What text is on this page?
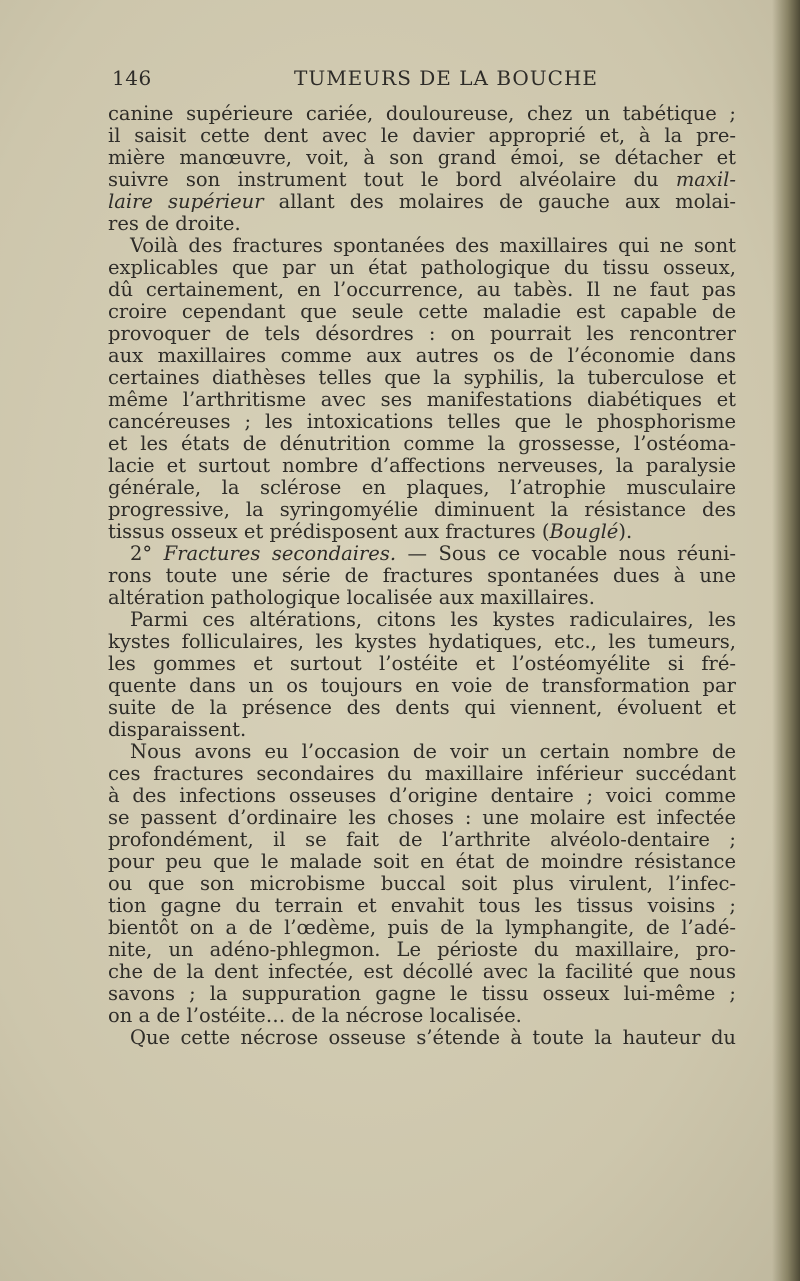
146	TUMEURS DE LA BOUCHE
canine supérieure cariée, douloureuse, chez un tabétique ;
il saisit cette dent avec le davier approprié et, à la pre-
mière manœuvre, voit, à son grand émoi, se détacher et
suivre son instrument tout le bord alvéolaire du maxil-
laire supérieur allant des molaires de gauche aux molai-
res de droite.
Voilà des fractures spontanées des maxillaires qui ne sont
explicables que par un état pathologique du tissu osseux,
dû certainement, en l’occurrence, au tabès. Il ne faut pas
croire cependant que seule cette maladie est capable de
provoquer de tels désordres : on pourrait les rencontrer
aux maxillaires comme aux autres os de l’économie dans
certaines diathèses telles que la syphilis, la tuberculose et
même l’arthritisme avec ses manifestations diabétiques et
cancéreuses ; les intoxications telles que le phosphorisme
et les états de dénutrition comme la grossesse, l’ostéoma-
lacie et surtout nombre d’affections nerveuses, la paralysie
générale, la sclérose en plaques, l’atrophie musculaire
progressive, la syringomyélie diminuent la résistance des
tissus osseux et prédisposent aux fractures (Bouglé).
2° Fractures secondaires. — Sous ce vocable nous réuni-
rons toute une série de fractures spontanées dues à une
altération pathologique localisée aux maxillaires.
Parmi ces altérations, citons les kystes radiculaires, les
kystes folliculaires, les kystes hydatiques, etc., les tumeurs,
les gommes et surtout l’ostéite et l’ostéomyélite si fré-
quente dans un os toujours en voie de transformation par
suite de la présence des dents qui viennent, évoluent et
disparaissent.
Nous avons eu l’occasion de voir un certain nombre de
ces fractures secondaires du maxillaire inférieur succédant
à des infections osseuses d’origine dentaire ; voici comme
se passent d’ordinaire les choses : une molaire est infectée
profondément, il se fait de l’arthrite alvéolo-dentaire ;
pour peu que le malade soit en état de moindre résistance
ou que son microbisme buccal soit plus virulent, l’infec-
tion gagne du terrain et envahit tous les tissus voisins ;
bientôt on a de l’œdème, puis de la lymphangite, de l’adé-
nite, un adéno-phlegmon. Le périoste du maxillaire, pro-
che de la dent infectée, est décollé avec la facilité que nous
savons ; la suppuration gagne le tissu osseux lui-même ;
on a de l’ostéite… de la nécrose localisée.
Que cette nécrose osseuse s’étende à toute la hauteur du
